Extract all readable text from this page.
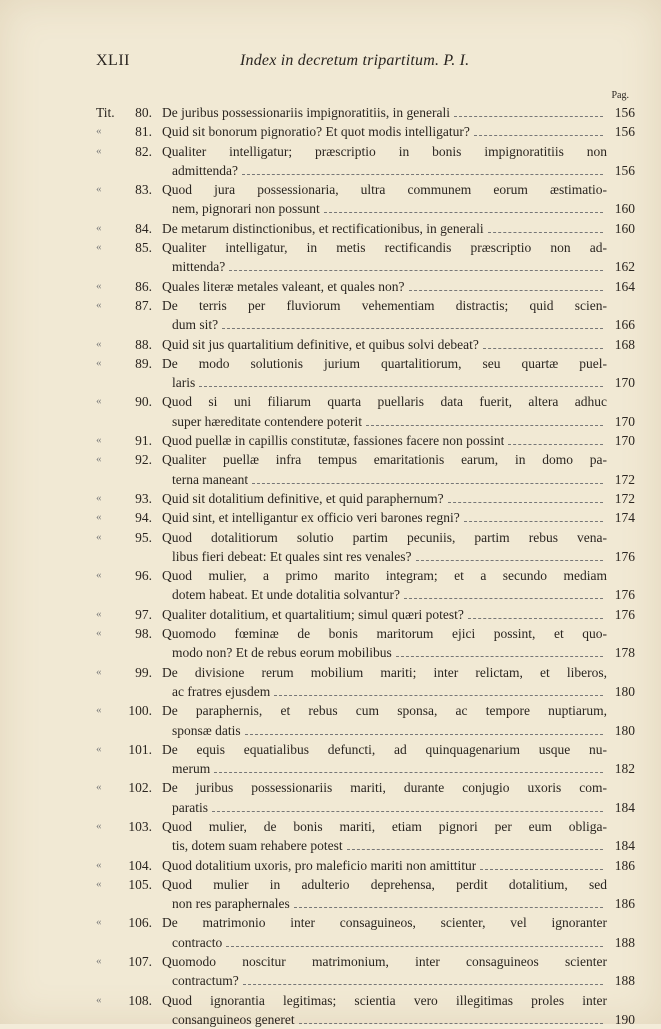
XLII	Index in decretum tripartitum. P. I.
Pag.
Tit.	80. De juribus possessionariis impignoratitiis, in generali	156
«	81. Quid sit bonorum pignoratio? Et quot modis intelligatur?	156
«	82. Qualiter intelligatur; præscriptio in bonis impignoratitiis non
admittenda?	156
«	83. Quod jura possessionaria, ultra communem eorum æstimatio-
nem, pignorari non possunt	160
«	84. De metarum distinctionibus, et rectificationibus, in generali	160
«	85. Qualiter intelligatur, in metis rectificandis præscriptio non ad-
mittenda?	162
«	86. Quales literæ metales valeant, et quales non?	164
«	87. De terris per fluviorum vehementiam distractis; quid scien-
dum sit?	166
«	88. Quid sit jus quartalitium definitive, et quibus solvi debeat?	168
«	89. De modo solutionis jurium quartalitiorum, seu quartæ puel-
laris	170
«	90. Quod si uni filiarum quarta puellaris data fuerit, altera adhuc
super hæreditate contendere poterit	170
«	91. Quod puellæ in capillis constitutæ, fassiones facere non possint	170
«	92. Qualiter puellæ infra tempus emaritationis earum, in domo pa-
terna maneant	172
«	93. Quid sit dotalitium definitive, et quid paraphernum?	172
«	94. Quid sint, et intelligantur ex officio veri barones regni?	174
«	95. Quod dotalitiorum solutio partim pecuniis, partim rebus vena-
libus fieri debeat: Et quales sint res venales?	176
«	96. Quod mulier, a primo marito integram; et a secundo mediam
dotem habeat. Et unde dotalitia solvantur?	176
«	97. Qualiter dotalitium, et quartalitium; simul quæri potest?	176
«	98. Quomodo fœminæ de bonis maritorum ejici possint, et quo-
modo non? Et de rebus eorum mobilibus	178
«	99. De divisione rerum mobilium mariti; inter relictam, et liberos,
ac fratres ejusdem	180
«	100. De paraphernis, et rebus cum sponsa, ac tempore nuptiarum,
sponsæ datis	180
«	101. De equis equatialibus defuncti, ad quinquagenarium usque nu-
merum	182
«	102. De juribus possessionariis mariti, durante conjugio uxoris com-
paratis	184
«	103. Quod mulier, de bonis mariti, etiam pignori per eum obliga-
tis, dotem suam rehabere potest	184
«	104. Quod dotalitium uxoris, pro maleficio mariti non amittitur	186
«	105. Quod mulier in adulterio deprehensa, perdit dotalitium, sed
non res paraphernales	186
«	106. De matrimonio inter consaguineos, scienter, vel ignoranter
contracto	188
«	107. Quomodo noscitur matrimonium, inter consaguineos scienter
contractum?	188
«	108. Quod ignorantia legitimas; scientia vero illegitimas proles inter
consanguineos generet	190
